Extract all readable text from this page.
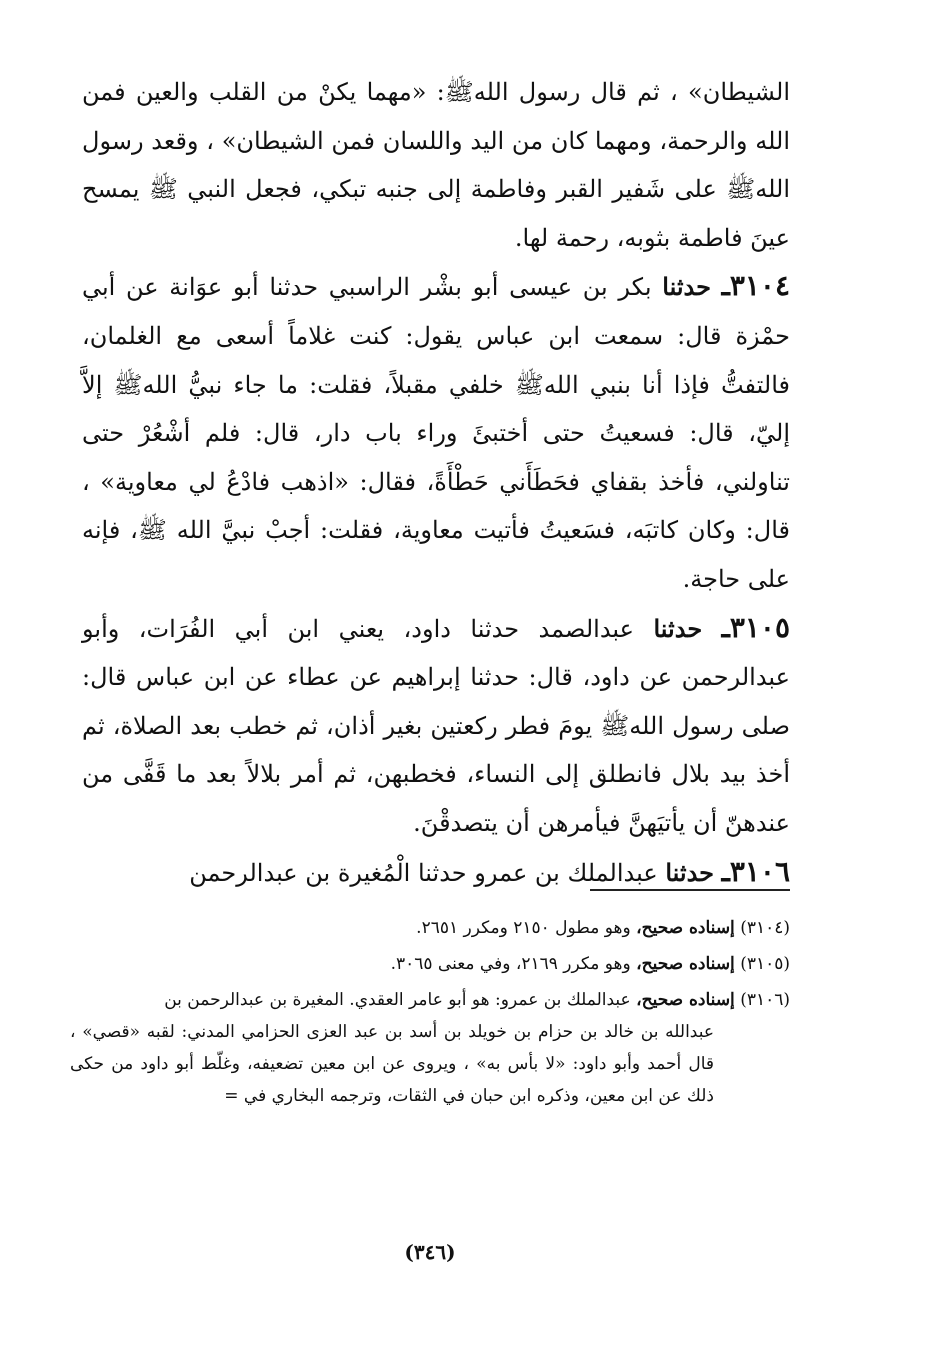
الشيطان» ، ثم قال رسول اللهﷺ: «مهما يكنْ من القلب والعين فمن الله والرحمة، ومهما كان من اليد واللسان فمن الشيطان» ، وقعد رسول اللهﷺ على شَفير القبر وفاطمة إلى جنبه تبكي، فجعل النبي ﷺ يمسح عينَ فاطمة بثوبه، رحمة لها.

٣١٠٤ـ حدثنا بكر بن عيسى أبو بشْر الراسبي حدثنا أبو عوَانة عن أبي حمْزة قال: سمعت ابن عباس يقول: كنت غلاماً أسعى مع الغلمان، فالتفتُّ فإذا أنا بنبي اللهﷺ خلفي مقبلاً، فقلت: ما جاء نبيُّ اللهﷺ إلاَّ إليّ، قال: فسعيتُ حتى أختبئَ وراء باب دار، قال: فلم أشْعُرْ حتى تناولني، فأخذ بقفاي فحَطَأَني حَطْأَةً، فقال: «اذهب فادْعُ لي معاوية» ، قال: وكان كاتبَه، فسَعيتُ فأتيت معاوية، فقلت: أجبْ نبيَّ الله ﷺ، فإنه على حاجة.

٣١٠٥ـ حدثنا عبدالصمد حدثنا داود، يعني ابن أبي الفُرَات، وأبو عبدالرحمن عن داود، قال: حدثنا إبراهيم عن عطاء عن ابن عباس قال: صلى رسول اللهﷺ يومَ فطر ركعتين بغير أذان، ثم خطب بعد الصلاة، ثم أخذ بيد بلال فانطلق إلى النساء، فخطبهن، ثم أمر بلالاً بعد ما قَفَّى من عندهنّ أن يأتيَهنَّ فيأمرهن أن يتصدقْنَ.

٣١٠٦ـ حدثنا عبدالملك بن عمرو حدثنا الْمُغيرة بن عبدالرحمن

(٣١٠٤) إسناده صحيح، وهو مطول ٢١٥٠ ومكرر ٢٦٥١.
(٣١٠٥) إسناده صحيح، وهو مكرر ٢١٦٩، وفي معنى ٣٠٦٥.
(٣١٠٦) إسناده صحيح، عبدالملك بن عمرو: هو أبو عامر العقدي. المغيرة بن عبدالرحمن بن
عبدالله بن خالد بن حزام بن خويلد بن أسد بن عبد العزى الحزامي المدني: لقبه «قصي» ، قال أحمد وأبو داود: «لا بأس به» ، ويروى عن ابن معين تضعيفه، وغلّط أبو داود من حكى ذلك عن ابن معين، وذكره ابن حبان في الثقات، وترجمه البخاري في =
(٣٤٦)
